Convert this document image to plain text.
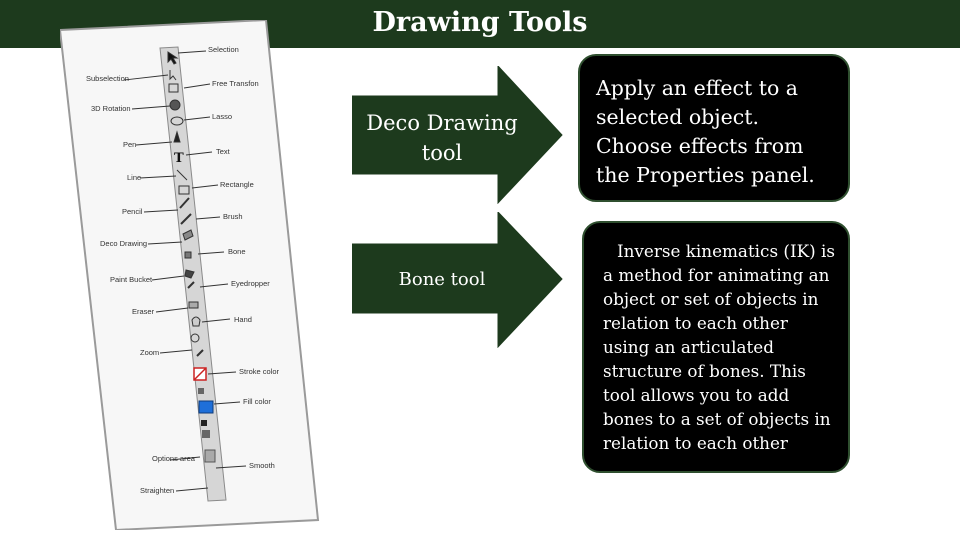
Drawing Tools
T
Selection
Subselection
Free Transfon
3D Rotation
Lasso
Pen
Text
Line
Rectangle
Pencil
Brush
Deco Drawing
Bone
Paint Bucket	Eyedropper
Eraser
Hand
Zoom
Stroke color
Fill color
Options area
Smooth
Straighten
Deco Drawing tool
Bone tool
Apply an effect to a selected object. Choose effects from the Properties panel.
Inverse kinematics (IK) is a method for animating an object or set of objects in relation to each other using an articulated structure of bones. This tool allows you to add bones to a set of objects in relation to each other
